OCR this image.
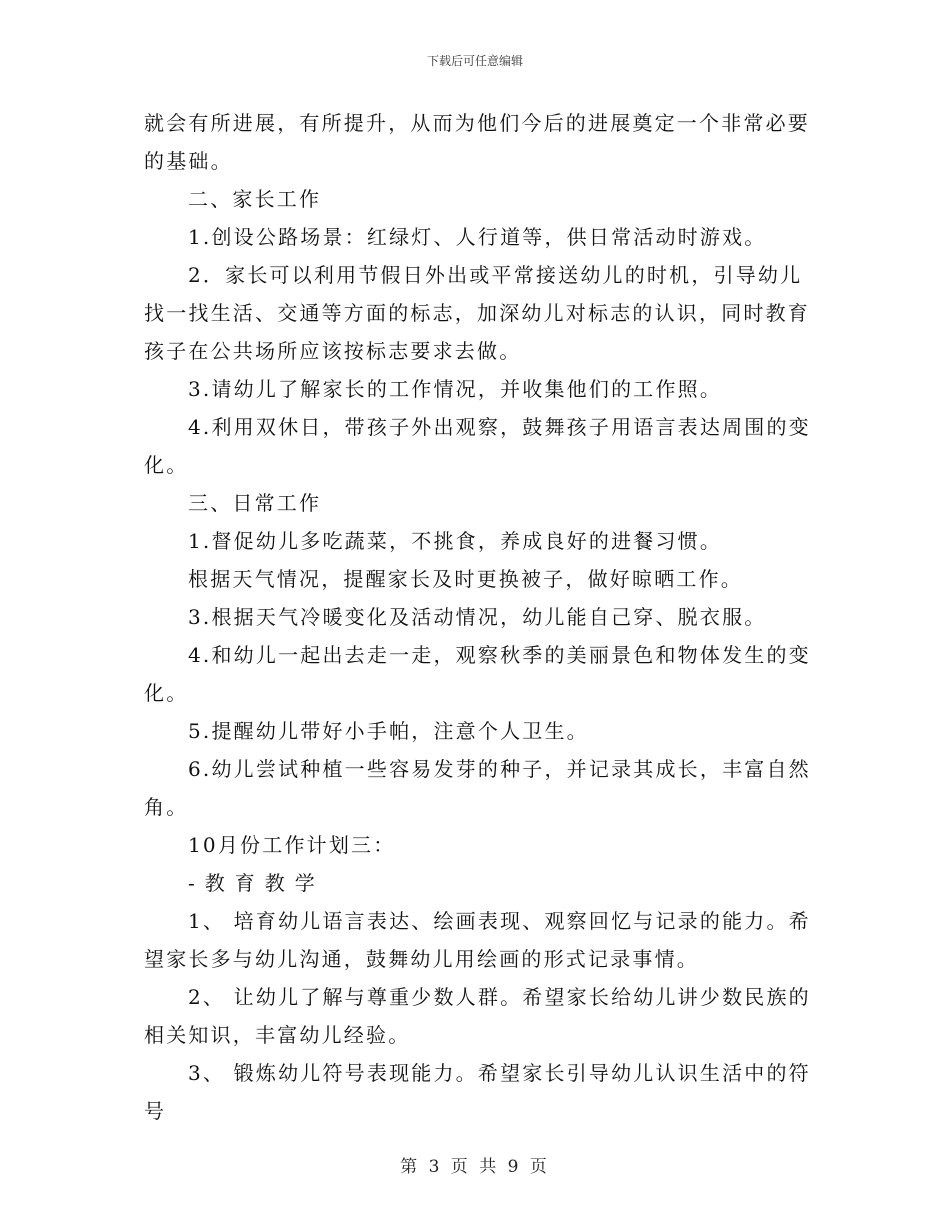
下载后可任意编辑

就会有所进展，有所提升，从而为他们今后的进展奠定一个非常必要的基础。

二、家长工作

1.创设公路场景：红绿灯、人行道等，供日常活动时游戏。

2．家长可以利用节假日外出或平常接送幼儿的时机，引导幼儿找一找生活、交通等方面的标志，加深幼儿对标志的认识，同时教育孩子在公共场所应该按标志要求去做。

3.请幼儿了解家长的工作情况，并收集他们的工作照。

4.利用双休日，带孩子外出观察，鼓舞孩子用语言表达周围的变化。

三、日常工作

1.督促幼儿多吃蔬菜，不挑食，养成良好的进餐习惯。

根据天气情况，提醒家长及时更换被子，做好晾晒工作。

3.根据天气冷暖变化及活动情况，幼儿能自己穿、脱衣服。

4.和幼儿一起出去走一走，观察秋季的美丽景色和物体发生的变化。

5.提醒幼儿带好小手帕，注意个人卫生。

6.幼儿尝试种植一些容易发芽的种子，并记录其成长，丰富自然角。

10月份工作计划三：

-教育教学

1、 培育幼儿语言表达、绘画表现、观察回忆与记录的能力。希望家长多与幼儿沟通，鼓舞幼儿用绘画的形式记录事情。

2、 让幼儿了解与尊重少数人群。希望家长给幼儿讲少数民族的相关知识，丰富幼儿经验。

3、 锻炼幼儿符号表现能力。希望家长引导幼儿认识生活中的符号

第 3 页 共 9 页
